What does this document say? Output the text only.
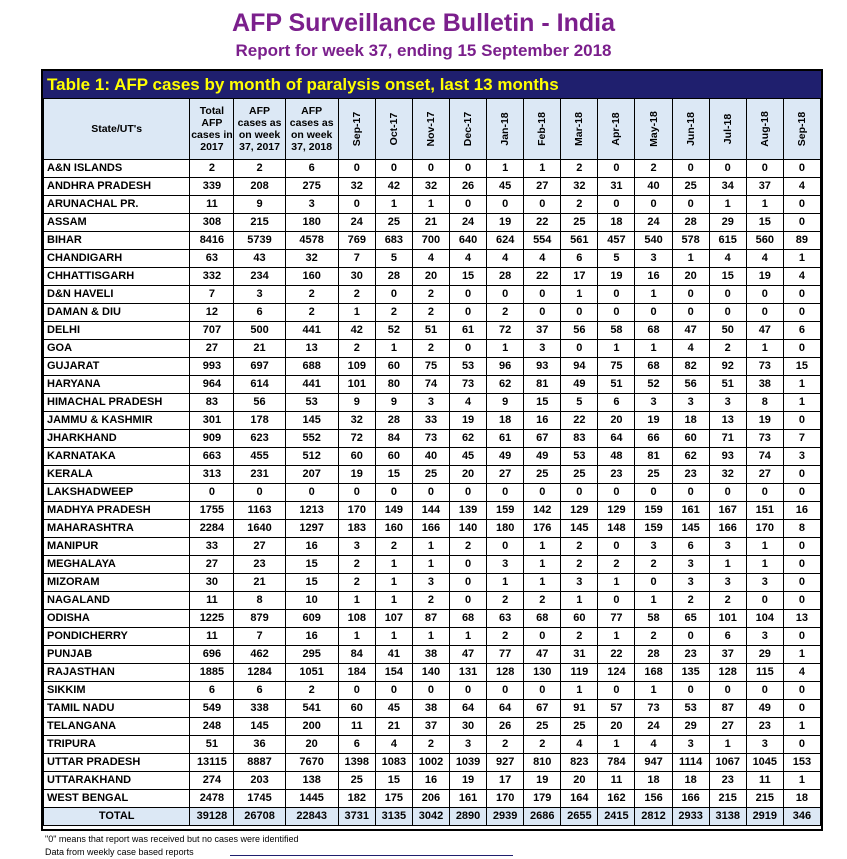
AFP Surveillance Bulletin - India
Report for week 37, ending 15 September 2018
Table 1: AFP cases by month of paralysis onset, last 13 months
State/UT's	Total AFP cases in 2017	AFP cases as on week 37, 2017	AFP cases as on week 37, 2018	Sep-17	Oct-17	Nov-17	Dec-17	Jan-18	Feb-18	Mar-18	Apr-18	May-18	Jun-18	Jul-18	Aug-18	Sep-18

A&N ISLANDS	2	2	6	0	0	0	0	1	1	2	0	2	0	0	0	0
ANDHRA PRADESH	339	208	275	32	42	32	26	45	27	32	31	40	25	34	37	4
ARUNACHAL PR.	11	9	3	0	1	1	0	0	0	2	0	0	0	1	1	0
ASSAM	308	215	180	24	25	21	24	19	22	25	18	24	28	29	15	0
BIHAR	8416	5739	4578	769	683	700	640	624	554	561	457	540	578	615	560	89
CHANDIGARH	63	43	32	7	5	4	4	4	4	6	5	3	1	4	4	1
CHHATTISGARH	332	234	160	30	28	20	15	28	22	17	19	16	20	15	19	4
D&N HAVELI	7	3	2	2	0	2	0	0	0	1	0	1	0	0	0	0
DAMAN & DIU	12	6	2	1	2	2	0	2	0	0	0	0	0	0	0	0
DELHI	707	500	441	42	52	51	61	72	37	56	58	68	47	50	47	6
GOA	27	21	13	2	1	2	0	1	3	0	1	1	4	2	1	0
GUJARAT	993	697	688	109	60	75	53	96	93	94	75	68	82	92	73	15
HARYANA	964	614	441	101	80	74	73	62	81	49	51	52	56	51	38	1
HIMACHAL PRADESH	83	56	53	9	9	3	4	9	15	5	6	3	3	3	8	1
JAMMU & KASHMIR	301	178	145	32	28	33	19	18	16	22	20	19	18	13	19	0
JHARKHAND	909	623	552	72	84	73	62	61	67	83	64	66	60	71	73	7
KARNATAKA	663	455	512	60	60	40	45	49	49	53	48	81	62	93	74	3
KERALA	313	231	207	19	15	25	20	27	25	25	23	25	23	32	27	0
LAKSHADWEEP	0	0	0	0	0	0	0	0	0	0	0	0	0	0	0	0
MADHYA PRADESH	1755	1163	1213	170	149	144	139	159	142	129	129	159	161	167	151	16
MAHARASHTRA	2284	1640	1297	183	160	166	140	180	176	145	148	159	145	166	170	8
MANIPUR	33	27	16	3	2	1	2	0	1	2	0	3	6	3	1	0
MEGHALAYA	27	23	15	2	1	1	0	3	1	2	2	2	3	1	1	0
MIZORAM	30	21	15	2	1	3	0	1	1	3	1	0	3	3	3	0
NAGALAND	11	8	10	1	1	2	0	2	2	1	0	1	2	2	0	0
ODISHA	1225	879	609	108	107	87	68	63	68	60	77	58	65	101	104	13
PONDICHERRY	11	7	16	1	1	1	1	2	0	2	1	2	0	6	3	0
PUNJAB	696	462	295	84	41	38	47	77	47	31	22	28	23	37	29	1
RAJASTHAN	1885	1284	1051	184	154	140	131	128	130	119	124	168	135	128	115	4
SIKKIM	6	6	2	0	0	0	0	0	0	1	0	1	0	0	0	0
TAMIL NADU	549	338	541	60	45	38	64	64	67	91	57	73	53	87	49	0
TELANGANA	248	145	200	11	21	37	30	26	25	25	20	24	29	27	23	1
TRIPURA	51	36	20	6	4	2	3	2	2	4	1	4	3	1	3	0
UTTAR PRADESH	13115	8887	7670	1398	1083	1002	1039	927	810	823	784	947	1114	1067	1045	153
UTTARAKHAND	274	203	138	25	15	16	19	17	19	20	11	18	18	23	11	1
WEST BENGAL	2478	1745	1445	182	175	206	161	170	179	164	162	156	166	215	215	18
TOTAL	39128	26708	22843	3731	3135	3042	2890	2939	2686	2655	2415	2812	2933	3138	2919	346
"0" means that report was received but no cases were identified
Data from weekly case based reports
